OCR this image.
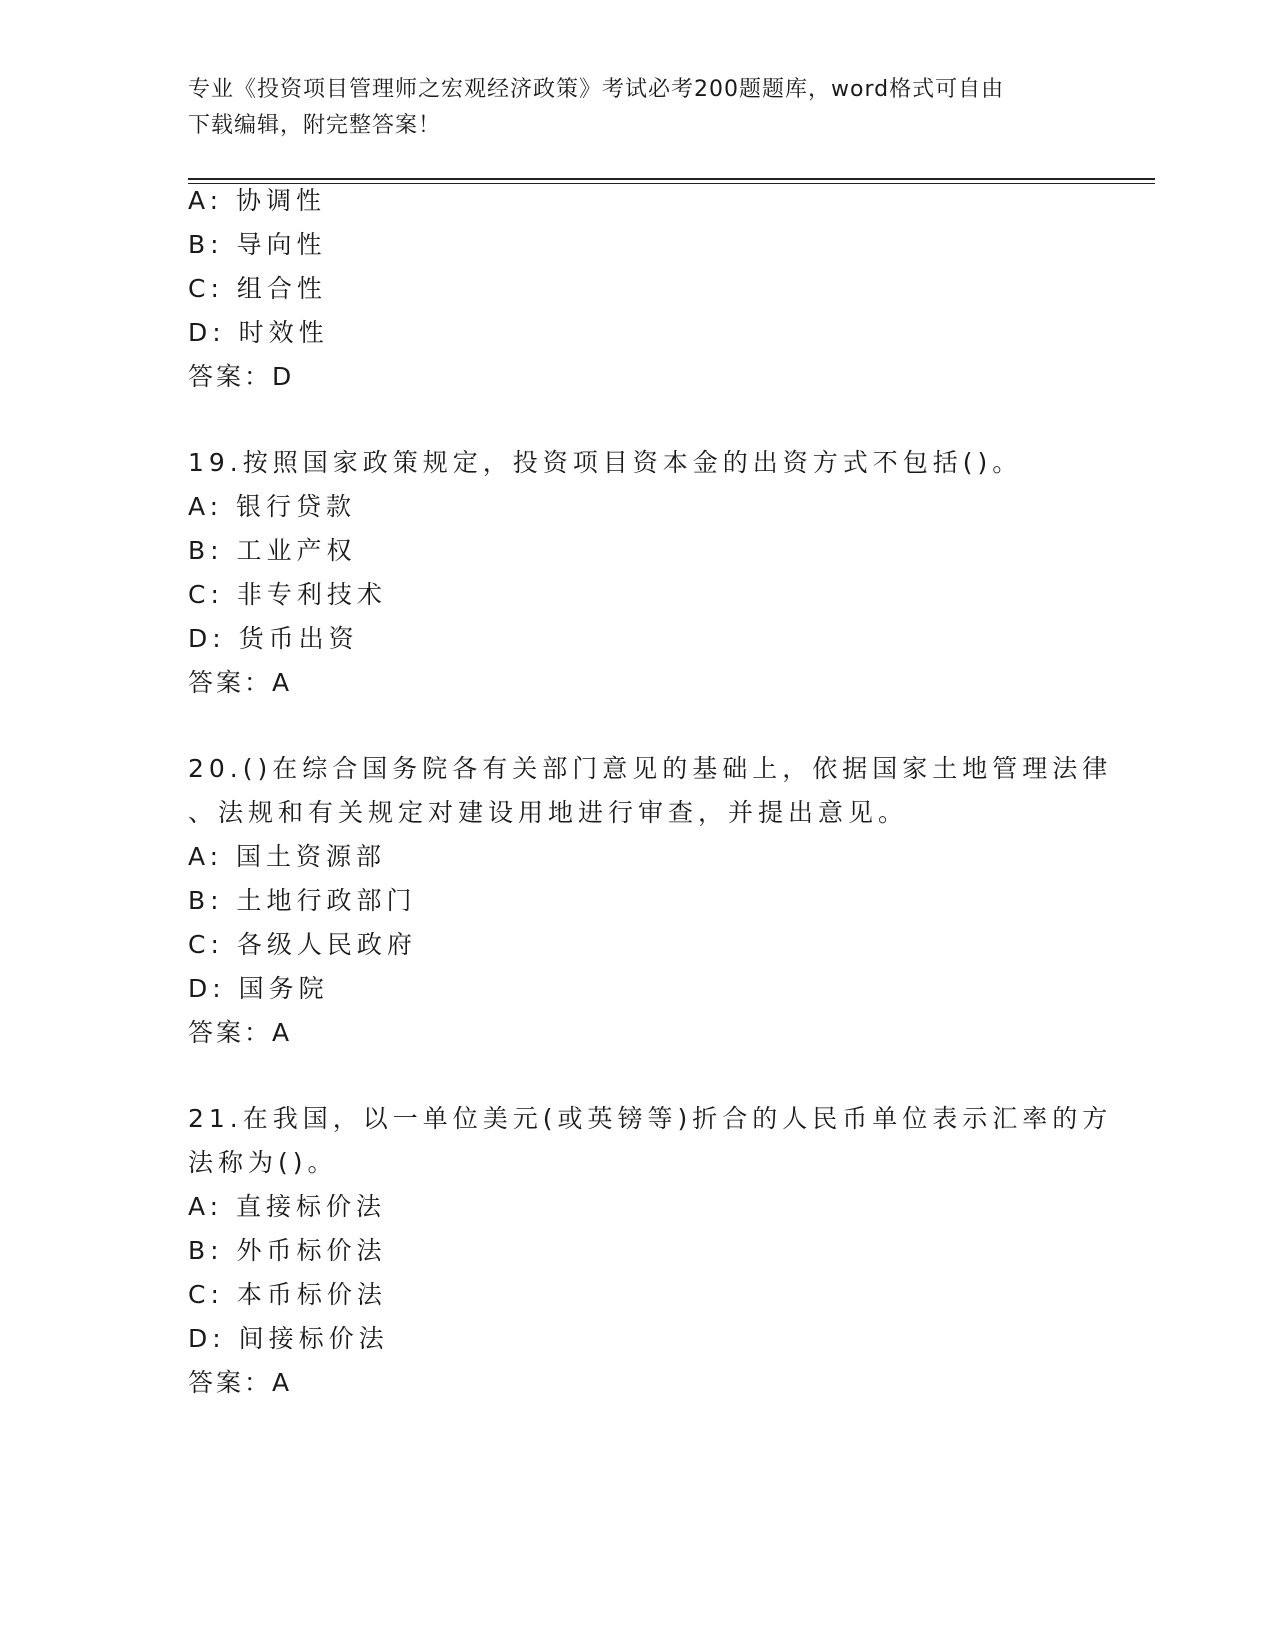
专业《投资项目管理师之宏观经济政策》考试必考200题题库，word格式可自由
下载编辑，附完整答案！
A: 协调性
B: 导向性
C: 组合性
D: 时效性
答案：D
19.按照国家政策规定，投资项目资本金的出资方式不包括()。
A: 银行贷款
B: 工业产权
C: 非专利技术
D: 货币出资
答案：A
20.()在综合国务院各有关部门意见的基础上，依据国家土地管理法律
、法规和有关规定对建设用地进行审查，并提出意见。
A: 国土资源部
B: 土地行政部门
C: 各级人民政府
D: 国务院
答案：A
21.在我国，以一单位美元(或英镑等)折合的人民币单位表示汇率的方
法称为()。
A: 直接标价法
B: 外币标价法
C: 本币标价法
D: 间接标价法
答案：A
